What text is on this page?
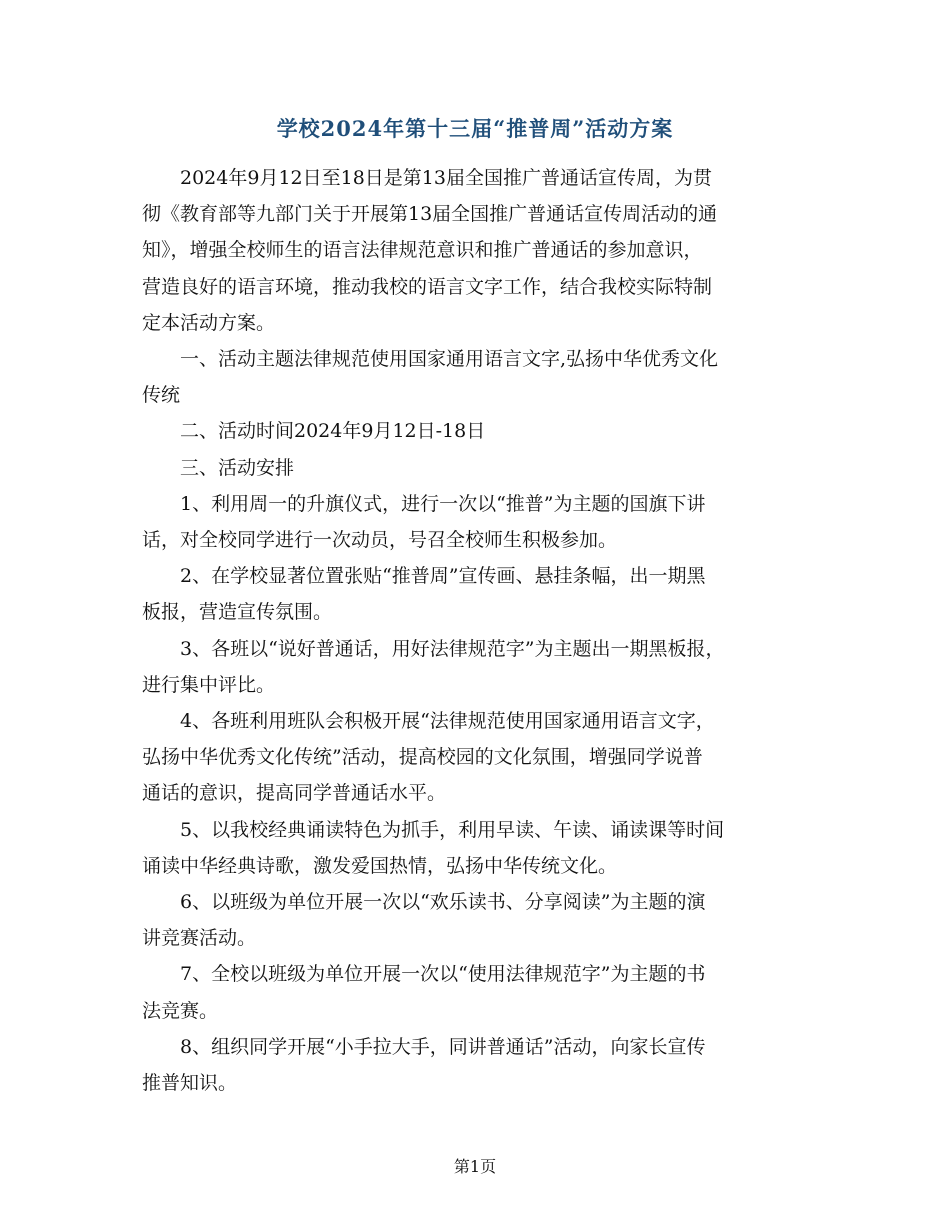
学校2024年第十三届“推普周”活动方案
2024年9月12日至18日是第13届全国推广普通话宣传周，为贯
彻《教育部等九部门关于开展第13届全国推广普通话宣传周活动的通
知》，增强全校师生的语言法律规范意识和推广普通话的参加意识，
营造良好的语言环境，推动我校的语言文字工作，结合我校实际特制
定本活动方案。
一、活动主题法律规范使用国家通用语言文字,弘扬中华优秀文化
传统
二、活动时间2024年9月12日-18日
三、活动安排
1、利用周一的升旗仪式，进行一次以“推普”为主题的国旗下讲
话，对全校同学进行一次动员，号召全校师生积极参加。
2、在学校显著位置张贴“推普周”宣传画、悬挂条幅，出一期黑
板报，营造宣传氛围。
3、各班以“说好普通话，用好法律规范字”为主题出一期黑板报，
进行集中评比。
4、各班利用班队会积极开展“法律规范使用国家通用语言文字，
弘扬中华优秀文化传统”活动，提高校园的文化氛围，增强同学说普
通话的意识，提高同学普通话水平。
5、以我校经典诵读特色为抓手，利用早读、午读、诵读课等时间
诵读中华经典诗歌，激发爱国热情，弘扬中华传统文化。
6、以班级为单位开展一次以“欢乐读书、分享阅读”为主题的演
讲竞赛活动。
7、全校以班级为单位开展一次以“使用法律规范字”为主题的书
法竞赛。
8、组织同学开展“小手拉大手，同讲普通话”活动，向家长宣传
推普知识。
第1页
